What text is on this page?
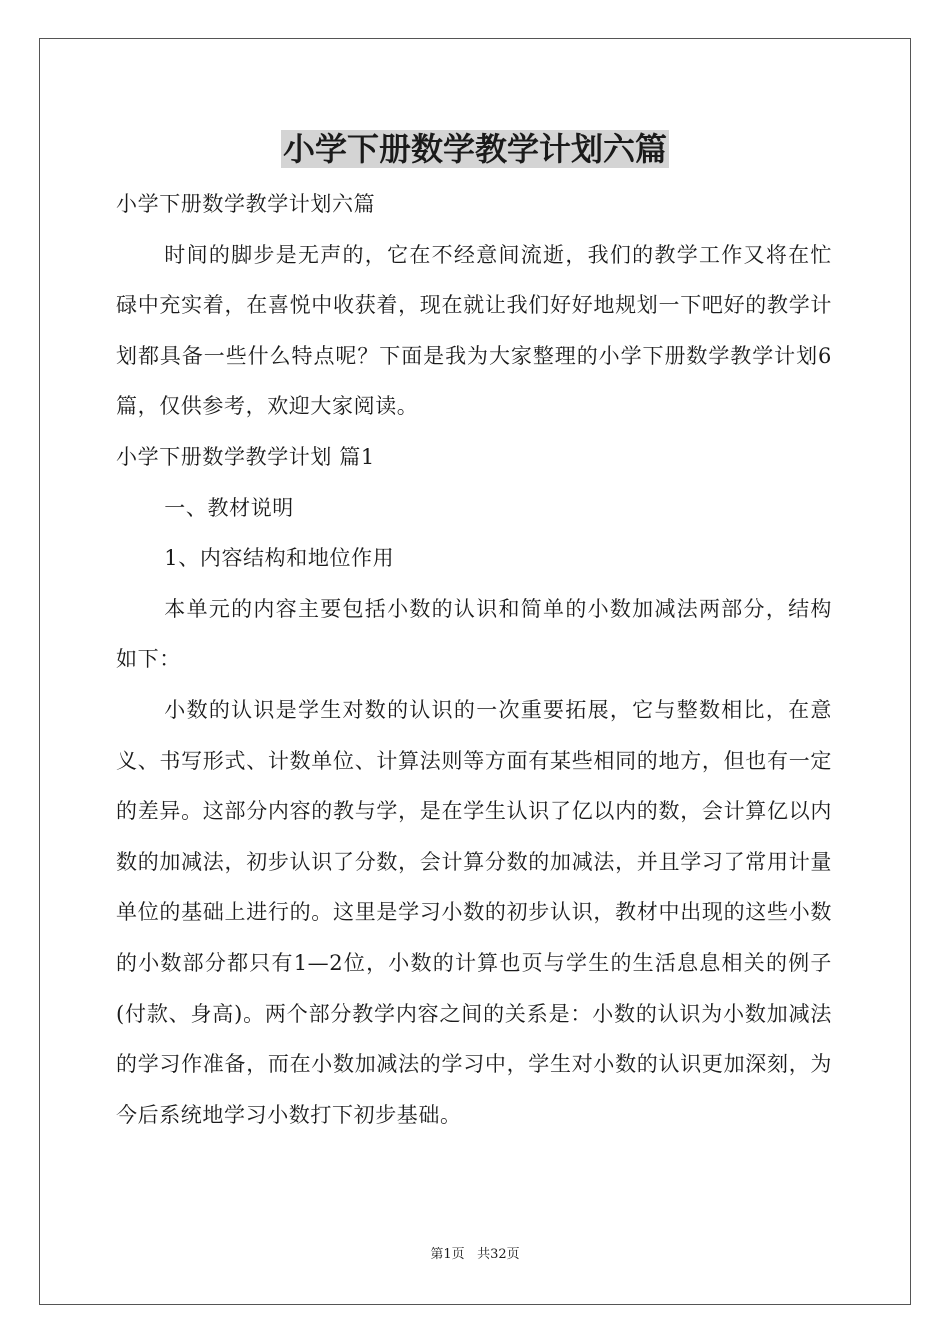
小学下册数学教学计划六篇

小学下册数学教学计划六篇

时间的脚步是无声的，它在不经意间流逝，我们的教学工作又将在忙碌中充实着，在喜悦中收获着，现在就让我们好好地规划一下吧好的教学计划都具备一些什么特点呢？下面是我为大家整理的小学下册数学教学计划6篇，仅供参考，欢迎大家阅读。

小学下册数学教学计划 篇1

一、教材说明

1、内容结构和地位作用

本单元的内容主要包括小数的认识和简单的小数加减法两部分，结构如下：

小数的认识是学生对数的认识的一次重要拓展，它与整数相比，在意义、书写形式、计数单位、计算法则等方面有某些相同的地方，但也有一定的差异。这部分内容的教与学，是在学生认识了亿以内的数，会计算亿以内数的加减法，初步认识了分数，会计算分数的加减法，并且学习了常用计量单位的基础上进行的。这里是学习小数的初步认识，教材中出现的这些小数的小数部分都只有1—2位，小数的计算也页与学生的生活息息相关的例子(付款、身高)。两个部分教学内容之间的关系是：小数的认识为小数加减法的学习作准备，而在小数加减法的学习中，学生对小数的认识更加深刻，为今后系统地学习小数打下初步基础。

第1页 共32页
